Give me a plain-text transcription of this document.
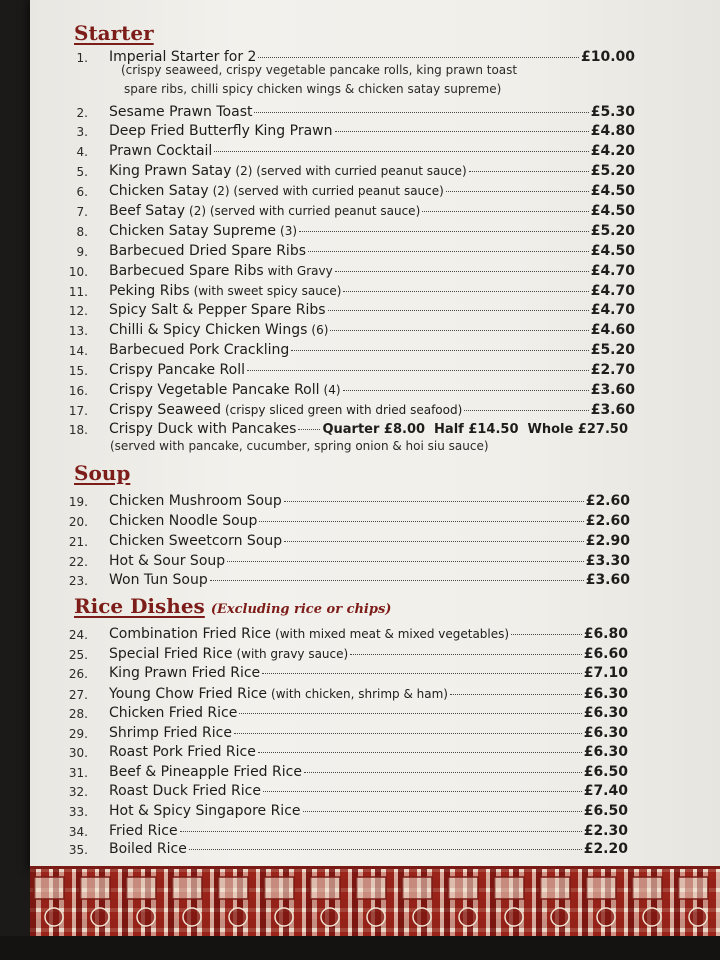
Starter
Soup
Rice Dishes (Excluding rice or chips)
1. Imperial Starter for 2	£10.00
(crispy seaweed, crispy vegetable pancake rolls, king prawn toast
spare ribs, chilli spicy chicken wings & chicken satay supreme)
2. Sesame Prawn Toast	£5.30
3. Deep Fried Butterfly King Prawn	£4.80
4. Prawn Cocktail	£4.20
5. King Prawn Satay (2) (served with curried peanut sauce)	£5.20
6. Chicken Satay (2) (served with curried peanut sauce)	£4.50
7. Beef Satay (2) (served with curried peanut sauce)	£4.50
8. Chicken Satay Supreme (3)	£5.20
9. Barbecued Dried Spare Ribs	£4.50
10. Barbecued Spare Ribs with Gravy	£4.70
11. Peking Ribs (with sweet spicy sauce)	£4.70
12. Spicy Salt & Pepper Spare Ribs	£4.70
13. Chilli & Spicy Chicken Wings (6)	£4.60
14. Barbecued Pork Crackling	£5.20
15. Crispy Pancake Roll	£2.70
16. Crispy Vegetable Pancake Roll (4)	£3.60
17. Crispy Seaweed (crispy sliced green with dried seafood)	£3.60
18. Crispy Duck with Pancakes Quarter £8.00 Half £14.50 Whole £27.50
(served with pancake, cucumber, spring onion & hoi siu sauce)
19. Chicken Mushroom Soup	£2.60
20. Chicken Noodle Soup	£2.60
21. Chicken Sweetcorn Soup	£2.90
22. Hot & Sour Soup	£3.30
23. Won Tun Soup	£3.60
24. Combination Fried Rice (with mixed meat & mixed vegetables)	£6.80
25. Special Fried Rice (with gravy sauce)	£6.60
26. King Prawn Fried Rice	£7.10
27. Young Chow Fried Rice (with chicken, shrimp & ham)	£6.30
28. Chicken Fried Rice	£6.30
29. Shrimp Fried Rice	£6.30
30. Roast Pork Fried Rice	£6.30
31. Beef & Pineapple Fried Rice	£6.50
32. Roast Duck Fried Rice	£7.40
33. Hot & Spicy Singapore Rice	£6.50
34. Fried Rice	£2.30
35. Boiled Rice	£2.20
